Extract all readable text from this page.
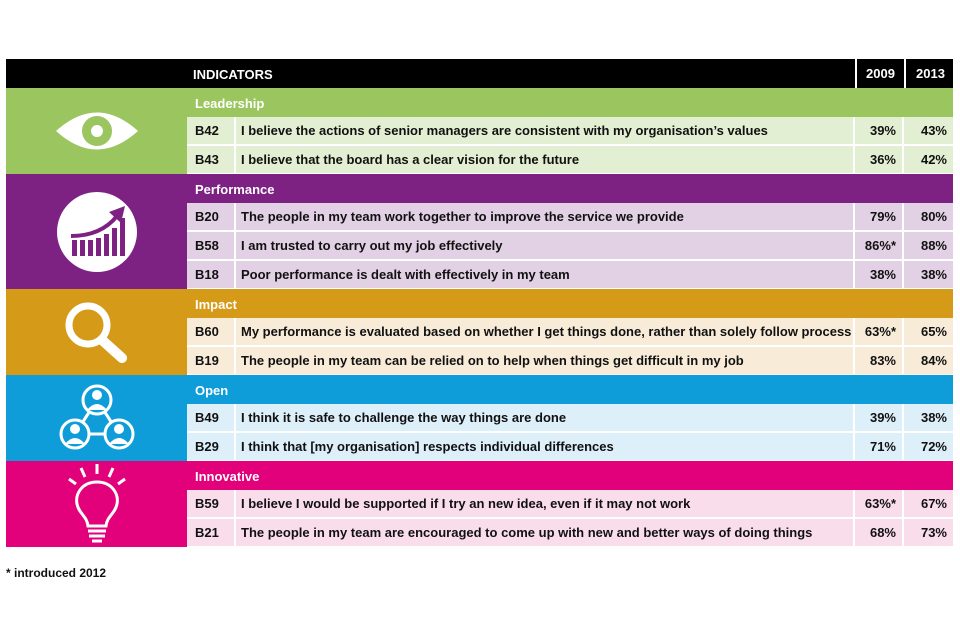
INDICATORS	2009	2013
Leadership
B42	I believe the actions of senior managers are consistent with my organisation’s values	39%	43%
B43	I believe that the board has a clear vision for the future	36%	42%
Performance
B20	The people in my team work together to improve the service we provide	79%	80%
B58	I am trusted to carry out my job effectively	86%*	88%
B18	Poor performance is dealt with effectively in my team	38%	38%
Impact
B60	My performance is evaluated based on whether I get things done, rather than solely follow process	63%*	65%
B19	The people in my team can be relied on to help when things get difficult in my job	83%	84%
Open
B49	I think it is safe to challenge the way things are done	39%	38%
B29	I think that [my organisation] respects individual differences	71%	72%
Innovative
B59	I believe I would be supported if I try an new idea, even if it may not work	63%*	67%
B21	The people in my team are encouraged to come up with new and better ways of doing things	68%	73%
* introduced 2012
